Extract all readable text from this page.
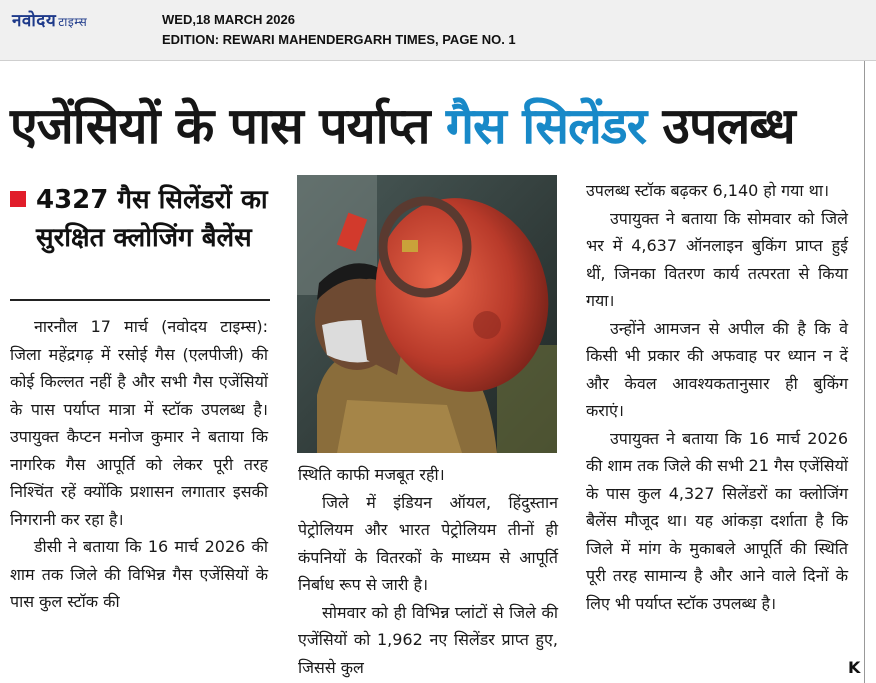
नवोदय टाइम्स	WED,18 MARCH 2026
EDITION: REWARI MAHENDERGARH TIMES, PAGE NO. 1
एजेंसियों के पास पर्याप्त गैस सिलेंडर उपलब्ध
4327 गैस सिलेंडरों का सुरक्षित क्लोजिंग बैलेंस

नारनौल 17 मार्च (नवोदय टाइम्स): जिला महेंद्रगढ़ में रसोई गैस (एलपीजी) की कोई किल्लत नहीं है और सभी गैस एजेंसियों के पास पर्याप्त मात्रा में स्टॉक उपलब्ध है। उपायुक्त कैप्टन मनोज कुमार ने बताया कि नागरिक गैस आपूर्ति को लेकर पूरी तरह निश्चिंत रहें क्योंकि प्रशासन लगातार इसकी निगरानी कर रहा है।

डीसी ने बताया कि 16 मार्च 2026 की शाम तक जिले की विभिन्न गैस एजेंसियों के पास कुल स्टॉक की

स्थिति काफी मजबूत रही।

जिले में इंडियन ऑयल, हिंदुस्तान पेट्रोलियम और भारत पेट्रोलियम तीनों ही कंपनियों के वितरकों के माध्यम से आपूर्ति निर्बाध रूप से जारी है।

सोमवार को ही विभिन्न प्लांटों से जिले की एजेंसियों को 1,962 नए सिलेंडर प्राप्त हुए, जिससे कुल

उपलब्ध स्टॉक बढ़कर 6,140 हो गया था।

उपायुक्त ने बताया कि सोमवार को जिले भर में 4,637 ऑनलाइन बुकिंग प्राप्त हुई थीं, जिनका वितरण कार्य तत्परता से किया गया।

उन्होंने आमजन से अपील की है कि वे किसी भी प्रकार की अफवाह पर ध्यान न दें और केवल आवश्यकतानुसार ही बुकिंग कराएं।

उपायुक्त ने बताया कि 16 मार्च 2026 की शाम तक जिले की सभी 21 गैस एजेंसियों के पास कुल 4,327 सिलेंडरों का क्लोजिंग बैलेंस मौजूद था। यह आंकड़ा दर्शाता है कि जिले में मांग के मुकाबले आपूर्ति की स्थिति पूरी तरह सामान्य है और आने वाले दिनों के लिए भी पर्याप्त स्टॉक उपलब्ध है।

K
